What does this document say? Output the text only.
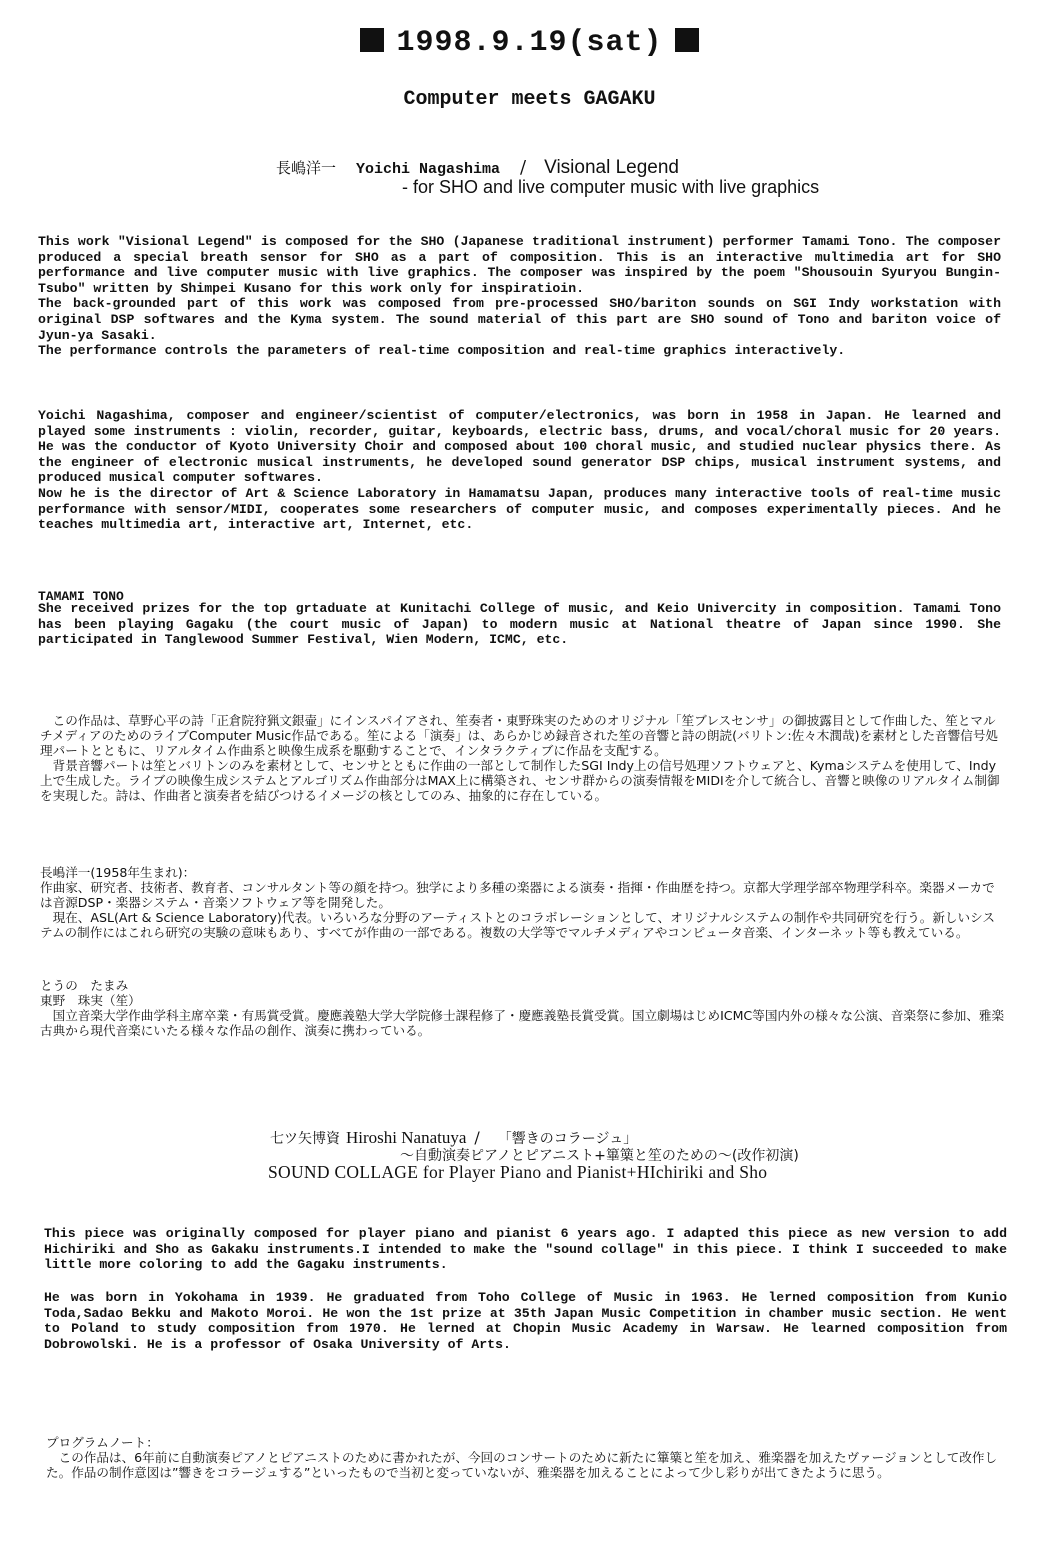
1998.9.19(sat)
Computer meets GAGAKU
長嶋洋一 Yoichi Nagashima / Visional Legend
- for SHO and live computer music with live graphics

This work "Visional Legend" is composed for the SHO (Japanese traditional instrument) performer Tamami Tono. The composer produced a special breath sensor for SHO as a part of composition. This is an interactive multimedia art for SHO performance and live computer music with live graphics. The composer was inspired by the poem "Shousouin Syuryou Bungin-Tsubo" written by Shimpei Kusano for this work only for inspiratioin.

The back-grounded part of this work was composed from pre-processed SHO/bariton sounds on SGI Indy workstation with original DSP softwares and the Kyma system. The sound material of this part are SHO sound of Tono and bariton voice of Jyun-ya Sasaki.

The performance controls the parameters of real-time composition and real-time graphics interactively.

Yoichi Nagashima, composer and engineer/scientist of computer/electronics, was born in 1958 in Japan. He learned and played some instruments : violin, recorder, guitar, keyboards, electric bass, drums, and vocal/choral music for 20 years. He was the conductor of Kyoto University Choir and composed about 100 choral music, and studied nuclear physics there. As the engineer of electronic musical instruments, he developed sound generator DSP chips, musical instrument systems, and produced musical computer softwares.

Now he is the director of Art & Science Laboratory in Hamamatsu Japan, produces many interactive tools of real-time music performance with sensor/MIDI, cooperates some researchers of computer music, and composes experimentally pieces. And he teaches multimedia art, interactive art, Internet, etc.

TAMAMI TONO

She received prizes for the top grtaduate at Kunitachi College of music, and Keio Univercity in composition. Tamami Tono has been playing Gagaku (the court music of Japan) to modern music at National theatre of Japan since 1990. She participated in Tanglewood Summer Festival, Wien Modern, ICMC, etc.

　この作品は、草野心平の詩「正倉院狩猟文銀壷」にインスパイアされ、笙奏者・東野珠実のためのオリジナル「笙ブレスセンサ」の御披露目として作曲した、笙とマルチメディアのためのライブComputer Music作品である。笙による「演奏」は、あらかじめ録音された笙の音響と詩の朗読(バリトン:佐々木潤哉)を素材とした音響信号処理パートとともに、リアルタイム作曲系と映像生成系を駆動することで、インタラクティブに作品を支配する。

　背景音響パートは笙とバリトンのみを素材として、センサとともに作曲の一部として制作したSGI Indy上の信号処理ソフトウェアと、Kymaシステムを使用して、Indy上で生成した。ライブの映像生成システムとアルゴリズム作曲部分はMAX上に構築され、センサ群からの演奏情報をMIDIを介して統合し、音響と映像のリアルタイム制御を実現した。詩は、作曲者と演奏者を結びつけるイメージの核としてのみ、抽象的に存在している。

長嶋洋一(1958年生まれ)：

作曲家、研究者、技術者、教育者、コンサルタント等の顔を持つ。独学により多種の楽器による演奏・指揮・作曲歴を持つ。京都大学理学部卒物理学科卒。楽器メーカでは音源DSP・楽器システム・音楽ソフトウェア等を開発した。

　現在、ASL(Art & Science Laboratory)代表。いろいろな分野のアーティストとのコラボレーションとして、オリジナルシステムの制作や共同研究を行う。新しいシステムの制作にはこれら研究の実験の意味もあり、すべてが作曲の一部である。複数の大学等でマルチメディアやコンピュータ音楽、インターネット等も教えている。

とうの　たまみ

東野　珠実（笙）

　国立音楽大学作曲学科主席卒業・有馬賞受賞。慶應義塾大学大学院修士課程修了・慶應義塾長賞受賞。国立劇場はじめICMC等国内外の様々な公演、音楽祭に参加、雅楽古典から現代音楽にいたる様々な作品の創作、演奏に携わっている。

七ツ矢博資 Hiroshi Nanatuya / 「響きのコラージュ」
～自動演奏ピアノとピアニスト+篳篥と笙のための～(改作初演)
SOUND COLLAGE for Player Piano and Pianist+HIchiriki and Sho

This piece was originally composed for player piano and pianist 6 years ago. I adapted this piece as new version to add Hichiriki and Sho as Gakaku instruments.I intended to make the "sound collage" in this piece. I think I succeeded to make little more coloring to add the Gagaku instruments.

He was born in Yokohama in 1939. He graduated from Toho College of Music in 1963. He lerned composition from Kunio Toda,Sadao Bekku and Makoto Moroi. He won the 1st prize at 35th Japan Music Competition in chamber music section. He went to Poland to study composition from 1970. He lerned at Chopin Music Academy in Warsaw. He learned composition from Dobrowolski. He is a professor of Osaka University of Arts.

プログラムノート：

　この作品は、6年前に自動演奏ピアノとピアニストのために書かれたが、今回のコンサートのために新たに篳篥と笙を加え、雅楽器を加えたヴァージョンとして改作した。作品の制作意図は”響きをコラージュする”といったもので当初と変っていないが、雅楽器を加えることによって少し彩りが出てきたように思う。
